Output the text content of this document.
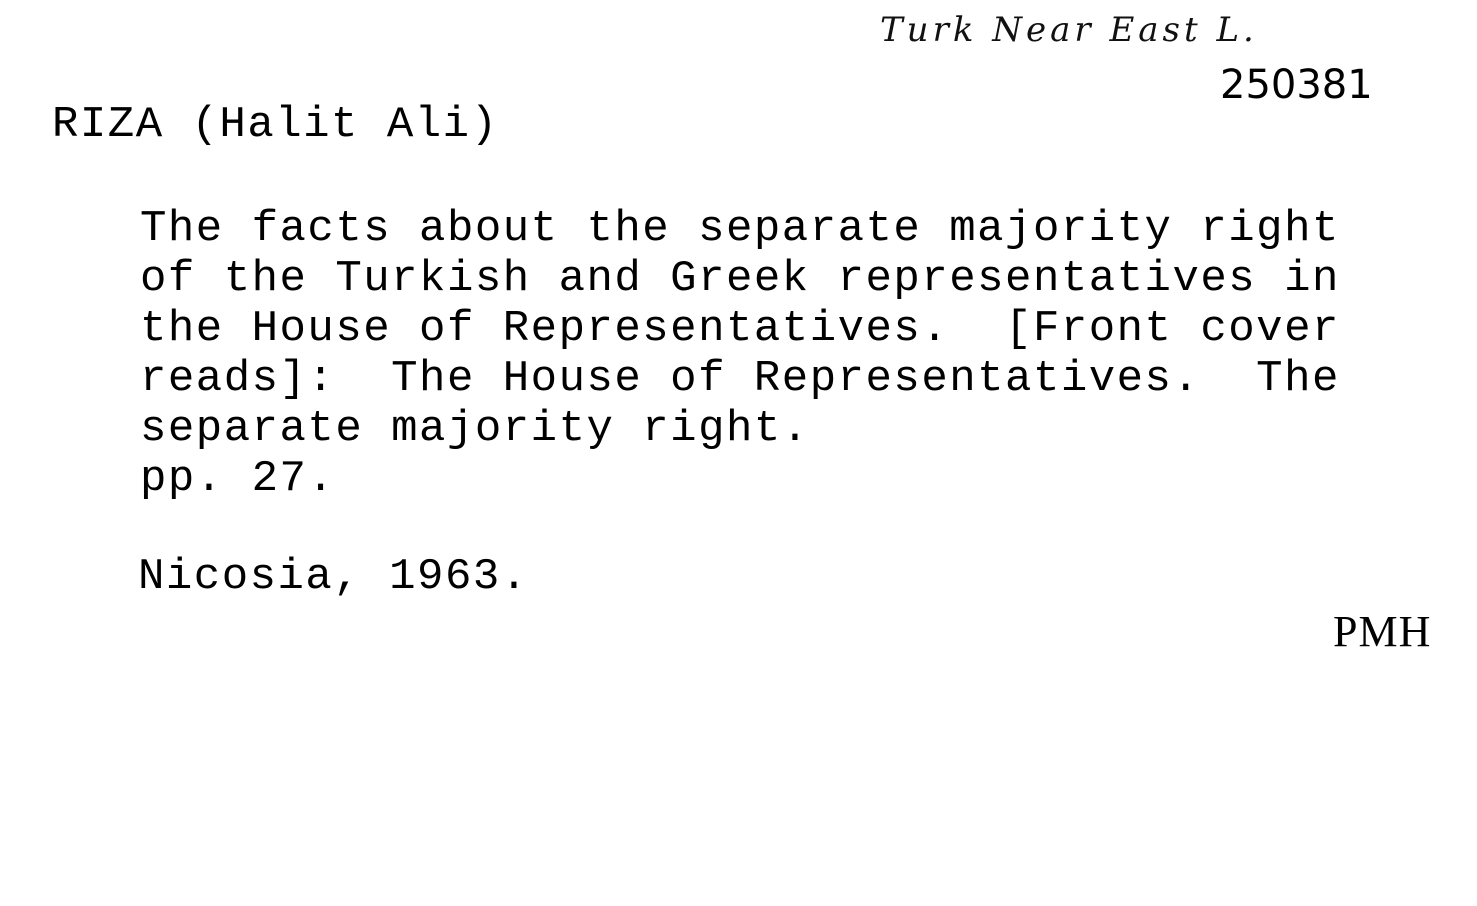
Turk Near East L.
250381
RIZA (Halit Ali)
The facts about the separate majority right
of the Turkish and Greek representatives in
the House of Representatives.  [Front cover
reads]:  The House of Representatives.  The
separate majority right.
pp. 27.
Nicosia, 1963.
PMH
